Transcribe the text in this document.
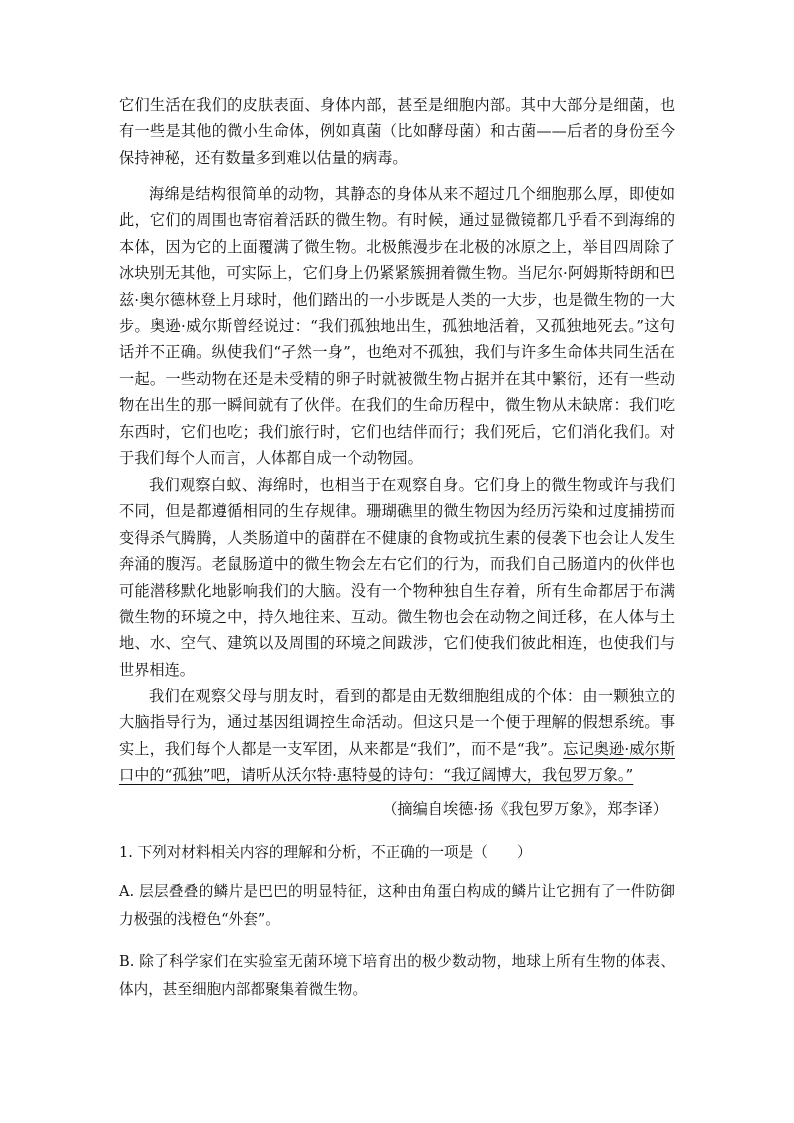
它们生活在我们的皮肤表面、身体内部，甚至是细胞内部。其中大部分是细菌，也有一些是其他的微小生命体，例如真菌（比如酵母菌）和古菌——后者的身份至今保持神秘，还有数量多到难以估量的病毒。

海绵是结构很简单的动物，其静态的身体从来不超过几个细胞那么厚，即使如此，它们的周围也寄宿着活跃的微生物。有时候，通过显微镜都几乎看不到海绵的本体，因为它的上面覆满了微生物。北极熊漫步在北极的冰原之上，举目四周除了冰块别无其他，可实际上，它们身上仍紧紧簇拥着微生物。当尼尔·阿姆斯特朗和巴兹·奥尔德林登上月球时，他们踏出的一小步既是人类的一大步，也是微生物的一大步。奥逊·威尔斯曾经说过：“我们孤独地出生，孤独地活着，又孤独地死去。”这句话并不正确。纵使我们“孑然一身”，也绝对不孤独，我们与许多生命体共同生活在一起。一些动物在还是未受精的卵子时就被微生物占据并在其中繁衍，还有一些动物在出生的那一瞬间就有了伙伴。在我们的生命历程中，微生物从未缺席：我们吃东西时，它们也吃；我们旅行时，它们也结伴而行；我们死后，它们消化我们。对于我们每个人而言，人体都自成一个动物园。

我们观察白蚁、海绵时，也相当于在观察自身。它们身上的微生物或许与我们不同，但是都遵循相同的生存规律。珊瑚礁里的微生物因为经历污染和过度捕捞而变得杀气腾腾，人类肠道中的菌群在不健康的食物或抗生素的侵袭下也会让人发生奔涌的腹泻。老鼠肠道中的微生物会左右它们的行为，而我们自己肠道内的伙伴也可能潜移默化地影响我们的大脑。没有一个物种独自生存着，所有生命都居于布满微生物的环境之中，持久地往来、互动。微生物也会在动物之间迁移，在人体与土地、水、空气、建筑以及周围的环境之间跋涉，它们使我们彼此相连，也使我们与世界相连。

我们在观察父母与朋友时，看到的都是由无数细胞组成的个体：由一颗独立的大脑指导行为，通过基因组调控生命活动。但这只是一个便于理解的假想系统。事实上，我们每个人都是一支军团，从来都是“我们”，而不是“我”。忘记奥逊·威尔斯口中的“孤独”吧，请听从沃尔特·惠特曼的诗句：“我辽阔博大，我包罗万象。”

（摘编自埃德·扬《我包罗万象》，郑李译）

1. 下列对材料相关内容的理解和分析，不正确的一项是（　　）

A. 层层叠叠的鳞片是巴巴的明显特征，这种由角蛋白构成的鳞片让它拥有了一件防御力极强的浅橙色“外套”。

B. 除了科学家们在实验室无菌环境下培育出的极少数动物，地球上所有生物的体表、体内，甚至细胞内部都聚集着微生物。
